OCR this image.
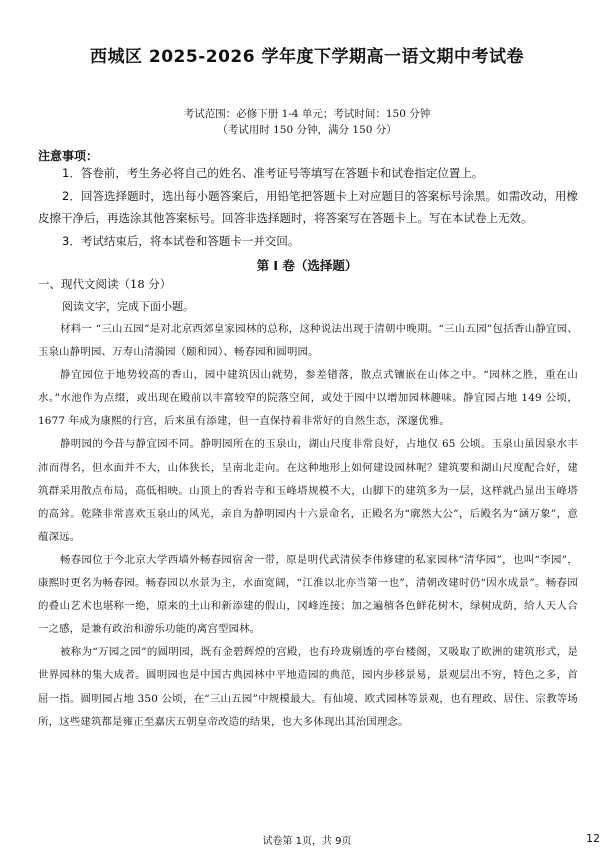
西城区 2025-2026 学年度下学期高一语文期中考试卷
考试范围：必修下册 1-4 单元；考试时间：150 分钟
（考试用时 150 分钟，满分 150 分）
注意事项：

1．答卷前，考生务必将自己的姓名、准考证号等填写在答题卡和试卷指定位置上。

2．回答选择题时，选出每小题答案后，用铅笔把答题卡上对应题目的答案标号涂黑。如需改动，用橡皮擦干净后，再选涂其他答案标号。回答非选择题时，将答案写在答题卡上。写在本试卷上无效。

3．考试结束后，将本试卷和答题卡一并交回。

第 I 卷（选择题）
一、现代文阅读（18 分）
阅读文字，完成下面小题。

材料一 “三山五园”是对北京西郊皇家园林的总称，这种说法出现于清朝中晚期。“三山五园”包括香山静宜园、玉泉山静明园、万寿山清漪园（颐和园）、畅春园和圆明园。

静宜园位于地势较高的香山，园中建筑因山就势，参差错落，散点式镶嵌在山体之中。“园林之胜，重在山水。”水池作为点缀，或出现在殿前以丰富较窄的院落空间，或处于园中以增加园林趣味。静宜园占地 149 公顷，1677 年成为康熙的行宫，后来虽有添建，但一直保持着非常好的自然生态，深邃优雅。

静明园的今昔与静宜园不同。静明园所在的玉泉山，湖山尺度非常良好，占地仅 65 公顷。玉泉山虽因泉水丰沛而得名，但水面并不大，山体狭长，呈南北走向。在这种地形上如何建设园林呢？建筑要和湖山尺度配合好，建筑群采用散点布局，高低相映。山顶上的香岩寺和玉峰塔规模不大，山脚下的建筑多为一层，这样就凸显出玉峰塔的高耸。乾隆非常喜欢玉泉山的风光，亲自为静明园内十六景命名，正殿名为“廓然大公”，后殿名为“涵万象”，意蕴深远。

畅春园位于今北京大学西墙外畅春园宿舍一带，原是明代武清侯李伟修建的私家园林“清华园”，也叫“李园”，康熙时更名为畅春园。畅春园以水景为主，水面宽阔，“江淮以北亦当第一也”，清朝改建时仍“因水成景”。畅春园的叠山艺术也堪称一绝，原来的土山和新添建的假山，冈峰连接；加之遍植各色鲜花树木，绿树成荫，给人天人合一之感，是兼有政治和游乐功能的离宫型园林。

被称为“万园之园”的圆明园，既有金碧辉煌的宫殿，也有玲珑剔透的亭台楼阁，又吸取了欧洲的建筑形式，是世界园林的集大成者。圆明园也是中国古典园林中平地造园的典范，园内步移景易，景观层出不穷，特色之多，首屈一指。圆明园占地 350 公顷，在“三山五园”中规模最大。有仙境、欧式园林等景观，也有理政、居住、宗教等场所，这些建筑都是雍正至嘉庆五朝皇帝改造的结果，也大多体现出其治国理念。

试卷第 1页，共 9页	12
